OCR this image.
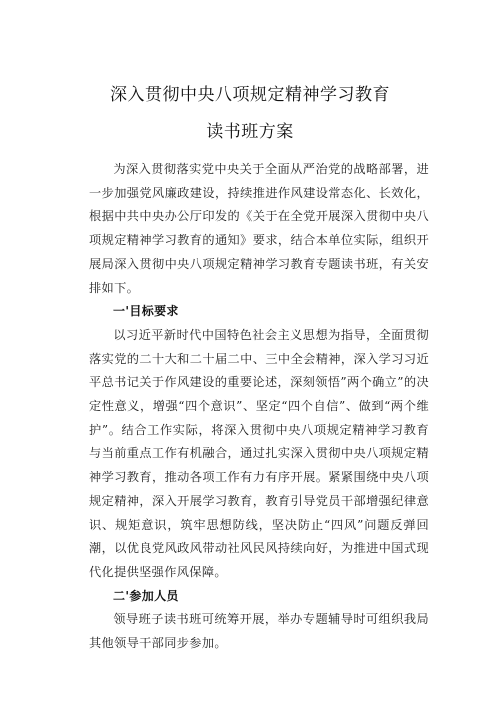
深入贯彻中央八项规定精神学习教育
读书班方案

为深入贯彻落实党中央关于全面从严治党的战略部署，进一步加强党风廉政建设，持续推进作风建设常态化、长效化，根据中共中央办公厅印发的《关于在全党开展深入贯彻中央八项规定精神学习教育的通知》要求，结合本单位实际，组织开展局深入贯彻中央八项规定精神学习教育专题读书班，有关安排如下。

一'目标要求

以习近平新时代中国特色社会主义思想为指导，全面贯彻落实党的二十大和二十届二中、三中全会精神，深入学习习近平总书记关于作风建设的重要论述，深刻领悟”两个确立”的决定性意义，增强“四个意识”、坚定“四个自信”、做到“两个维护”。结合工作实际，将深入贯彻中央八项规定精神学习教育与当前重点工作有机融合，通过扎实深入贯彻中央八项规定精神学习教育，推动各项工作有力有序开展。紧紧围绕中央八项规定精神，深入开展学习教育，教育引导党员干部增强纪律意识、规矩意识，筑牢思想防线，坚决防止“四风”问题反弹回潮，以优良党风政风带动社风民风持续向好，为推进中国式现代化提供坚强作风保障。

二'参加人员

领导班子读书班可统筹开展，举办专题辅导时可组织我局其他领导干部同步参加。
